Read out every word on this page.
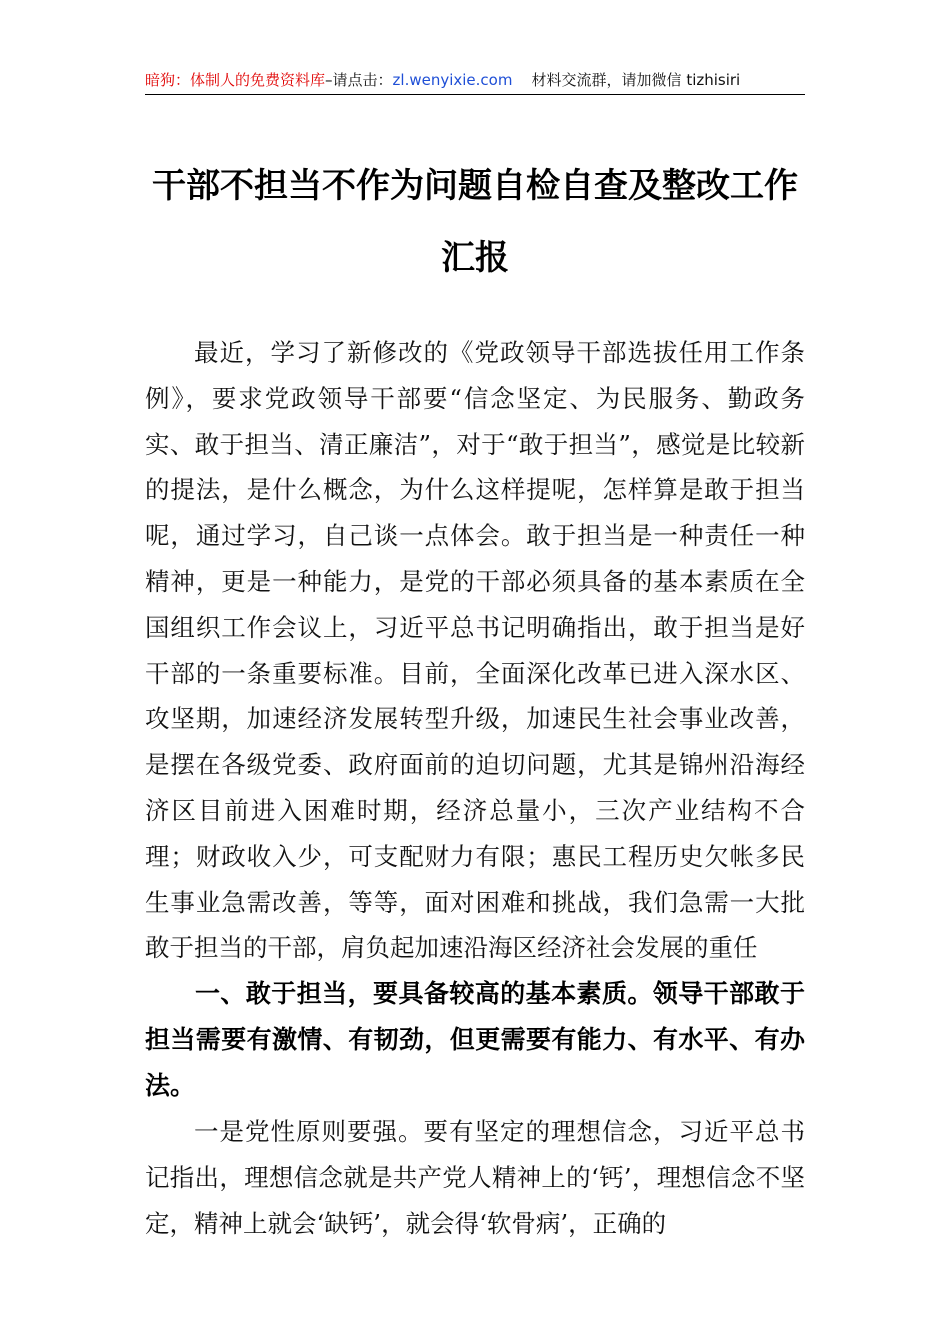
暗狗：体制人的免费资料库–请点击：zl.wenyixie.com 材料交流群，请加微信 tizhisiri
干部不担当不作为问题自检自查及整改工作汇报

最近，学习了新修改的《党政领导干部选拔任用工作条例》，要求党政领导干部要“信念坚定、为民服务、勤政务实、敢于担当、清正廉洁”，对于“敢于担当”，感觉是比较新的提法，是什么概念，为什么这样提呢，怎样算是敢于担当呢，通过学习，自己谈一点体会。敢于担当是一种责任一种精神，更是一种能力，是党的干部必须具备的基本素质在全国组织工作会议上，习近平总书记明确指出，敢于担当是好干部的一条重要标准。目前，全面深化改革已进入深水区、攻坚期，加速经济发展转型升级，加速民生社会事业改善，是摆在各级党委、政府面前的迫切问题，尤其是锦州沿海经济区目前进入困难时期，经济总量小，三次产业结构不合理；财政收入少，可支配财力有限；惠民工程历史欠帐多民生事业急需改善，等等，面对困难和挑战，我们急需一大批敢于担当的干部，肩负起加速沿海区经济社会发展的重任

一、敢于担当，要具备较高的基本素质。领导干部敢于担当需要有激情、有韧劲，但更需要有能力、有水平、有办法。

一是党性原则要强。要有坚定的理想信念，习近平总书记指出，理想信念就是共产党人精神上的‘钙’，理想信念不坚定，精神上就会‘缺钙’，就会得‘软骨病’，正确的
